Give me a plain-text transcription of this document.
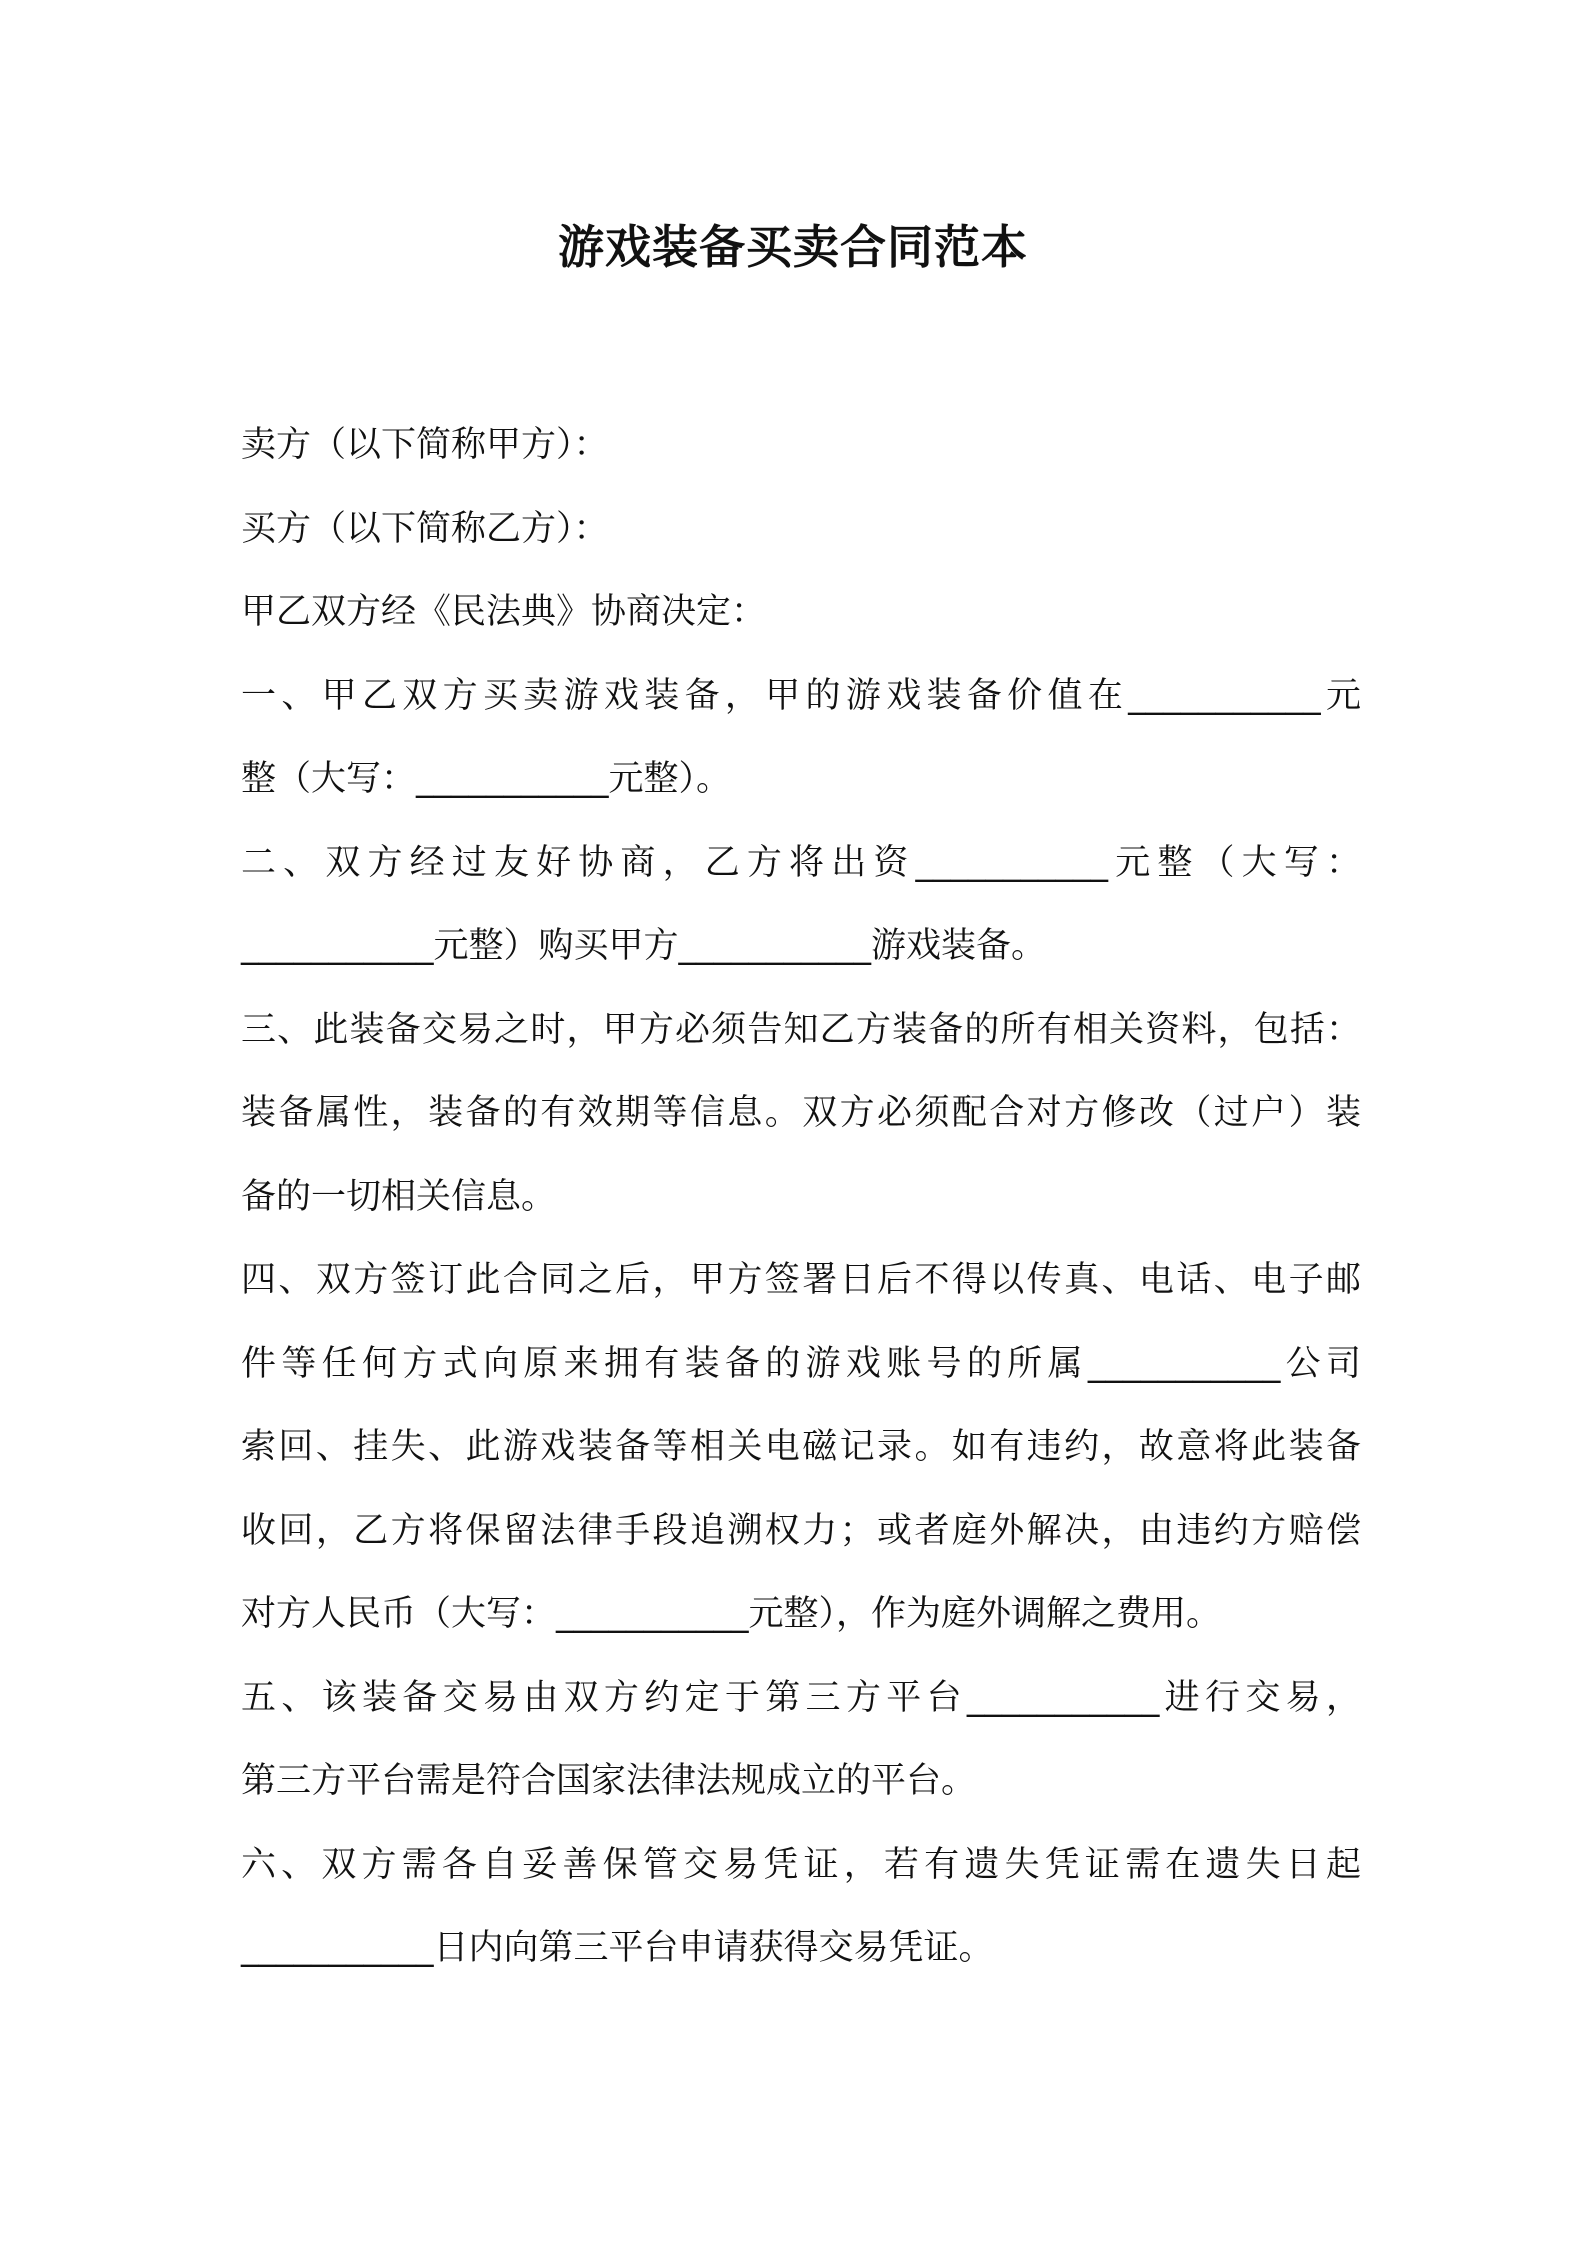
游戏装备买卖合同范本
卖方（以下简称甲方）：
买方（以下简称乙方）：
甲乙双方经《民法典》协商决定：
一、甲乙双方买卖游戏装备，甲的游戏装备价值在___________元
整（大写：___________元整）。
二、双方经过友好协商，乙方将出资___________元整（大写：
___________元整）购买甲方___________游戏装备。
三、此装备交易之时，甲方必须告知乙方装备的所有相关资料，包括：
装备属性，装备的有效期等信息。双方必须配合对方修改（过户）装
备的一切相关信息。
四、双方签订此合同之后，甲方签署日后不得以传真、电话、电子邮
件等任何方式向原来拥有装备的游戏账号的所属___________公司
索回、挂失、此游戏装备等相关电磁记录。如有违约，故意将此装备
收回，乙方将保留法律手段追溯权力；或者庭外解决，由违约方赔偿
对方人民币（大写：___________元整），作为庭外调解之费用。
五、该装备交易由双方约定于第三方平台___________进行交易，
第三方平台需是符合国家法律法规成立的平台。
六、双方需各自妥善保管交易凭证，若有遗失凭证需在遗失日起
___________日内向第三平台申请获得交易凭证。
